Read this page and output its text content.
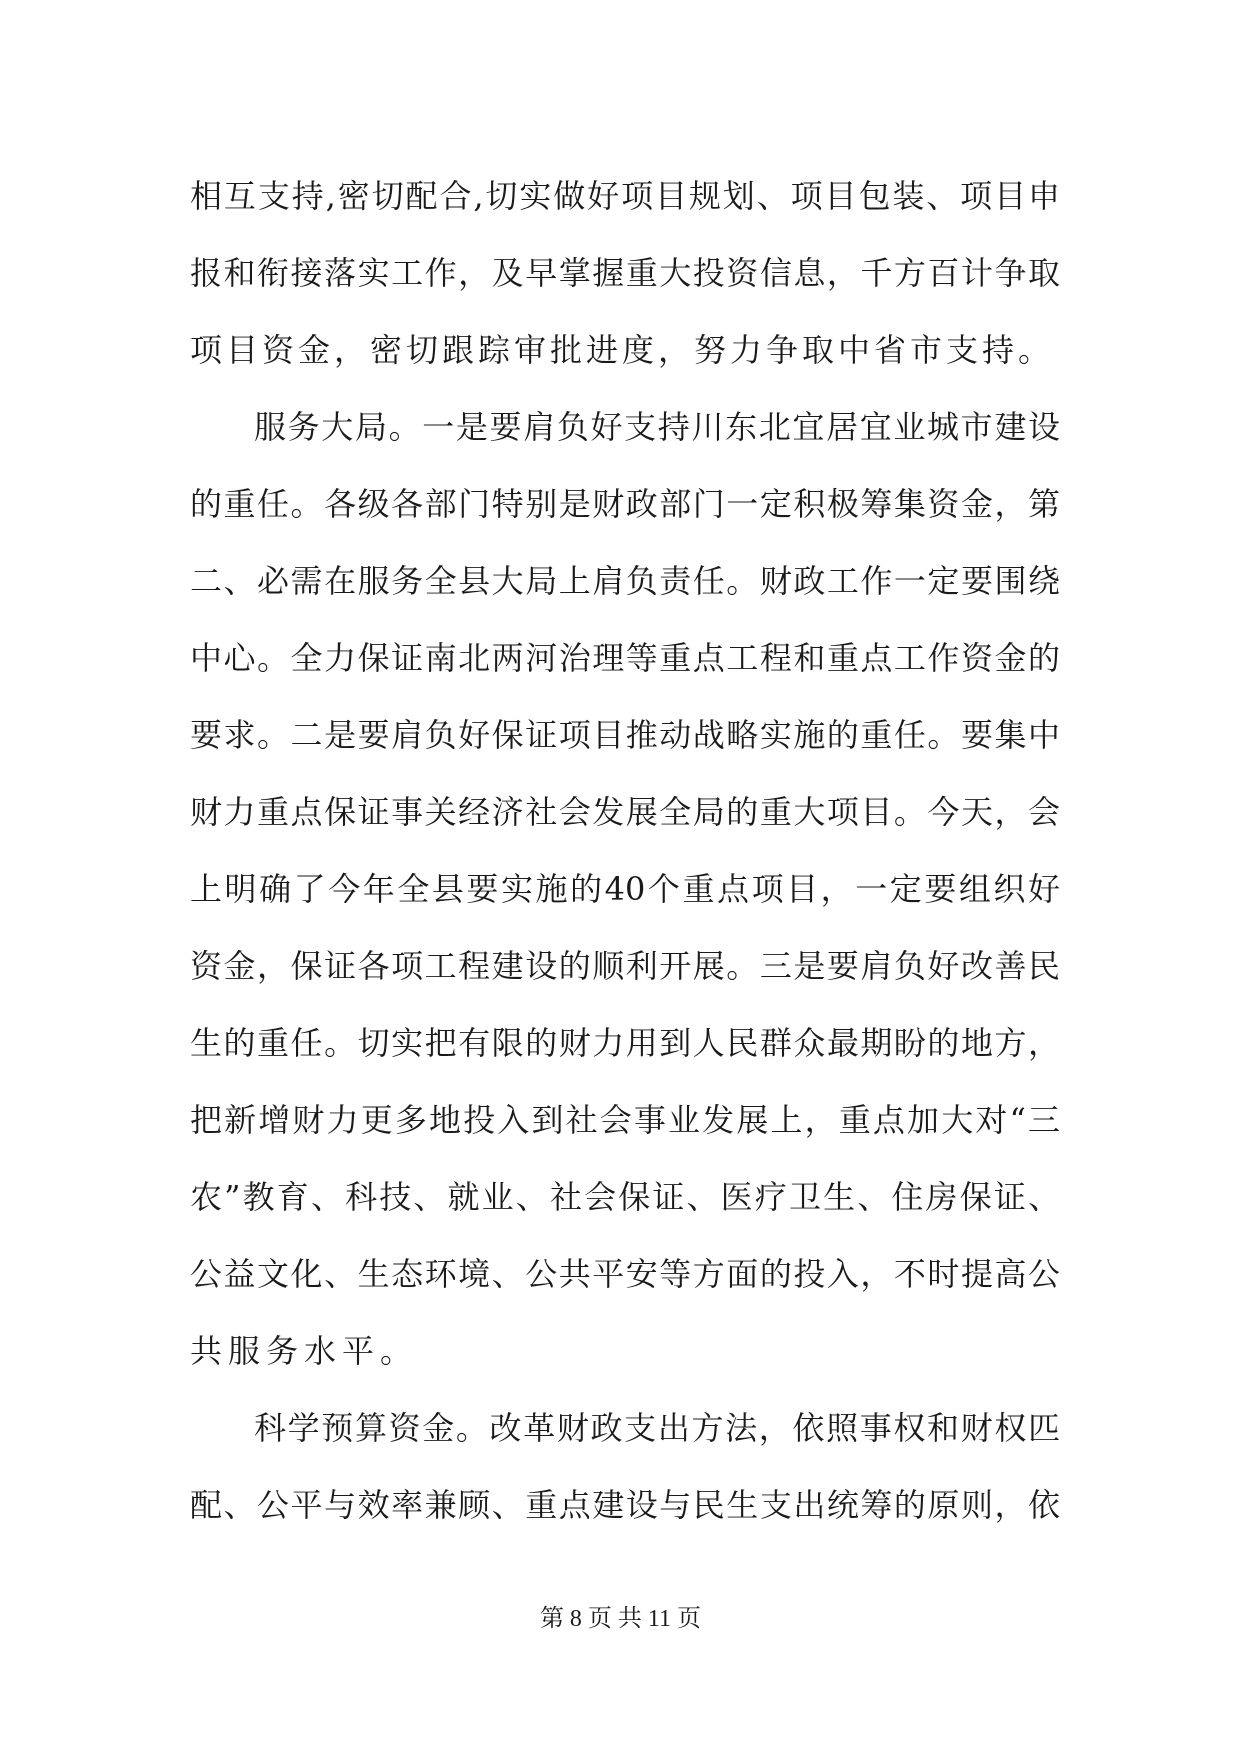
相互支持,密切配合,切实做好项目规划、项目包装、项目申
报和衔接落实工作，及早掌握重大投资信息，千方百计争取
项目资金，密切跟踪审批进度，努力争取中省市支持。
服务大局。一是要肩负好支持川东北宜居宜业城市建设
的重任。各级各部门特别是财政部门一定积极筹集资金，第
二、必需在服务全县大局上肩负责任。财政工作一定要围绕
中心。全力保证南北两河治理等重点工程和重点工作资金的
要求。二是要肩负好保证项目推动战略实施的重任。要集中
财力重点保证事关经济社会发展全局的重大项目。今天，会
上明确了今年全县要实施的40个重点项目，一定要组织好
资金，保证各项工程建设的顺利开展。三是要肩负好改善民
生的重任。切实把有限的财力用到人民群众最期盼的地方，
把新增财力更多地投入到社会事业发展上，重点加大对“三
农”教育、科技、就业、社会保证、医疗卫生、住房保证、
公益文化、生态环境、公共平安等方面的投入，不时提高公
共服务水平。
科学预算资金。改革财政支出方法，依照事权和财权匹
配、公平与效率兼顾、重点建设与民生支出统筹的原则，依
第 8 页 共 11 页
